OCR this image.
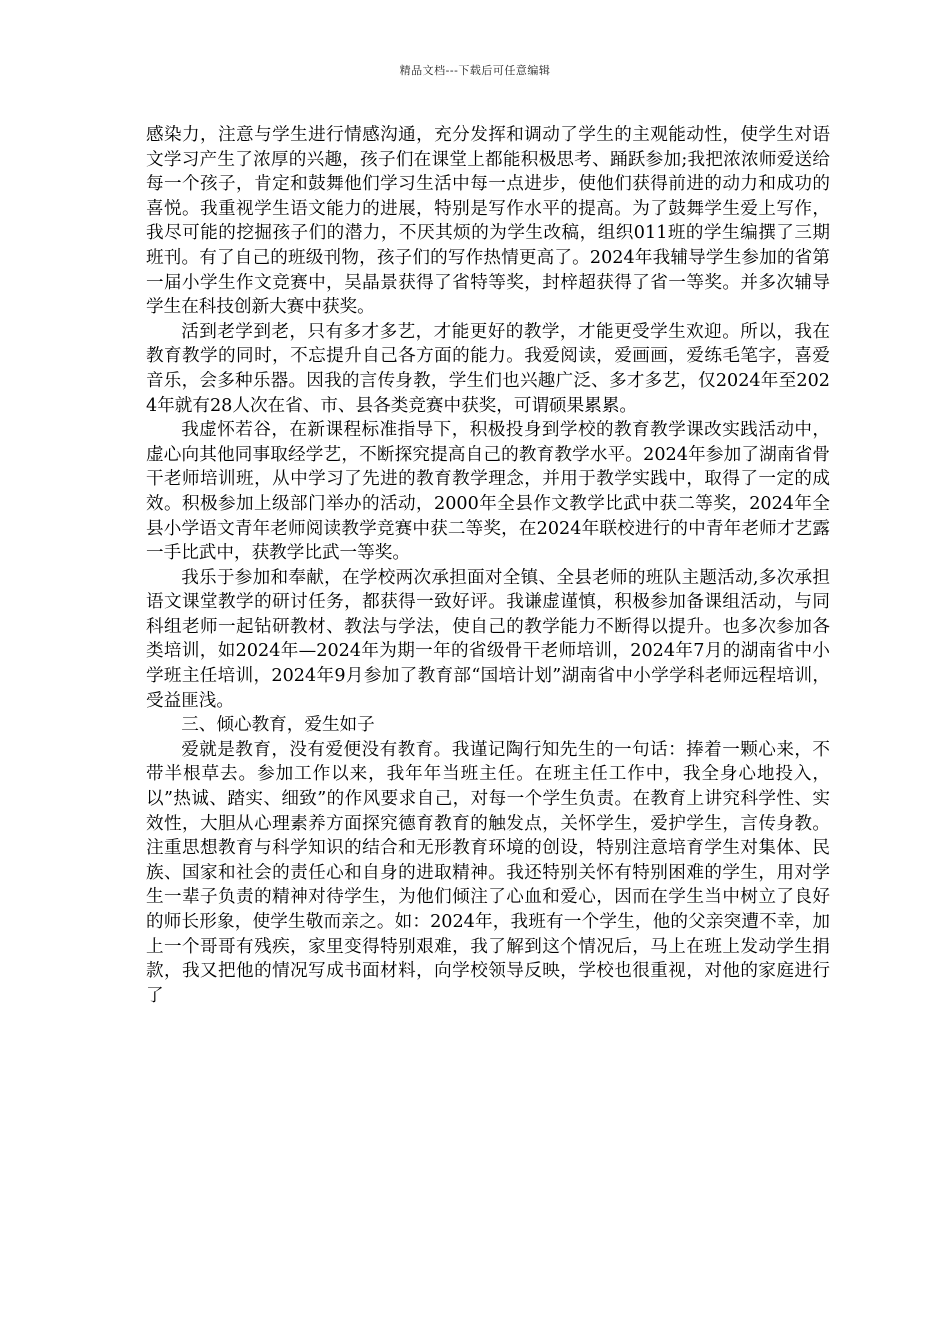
精品文档---下载后可任意编辑

感染力，注意与学生进行情感沟通，充分发挥和调动了学生的主观能动性，使学生对语文学习产生了浓厚的兴趣，孩子们在课堂上都能积极思考、踊跃参加;我把浓浓师爱送给每一个孩子，肯定和鼓舞他们学习生活中每一点进步，使他们获得前进的动力和成功的喜悦。我重视学生语文能力的进展，特别是写作水平的提高。为了鼓舞学生爱上写作，我尽可能的挖掘孩子们的潜力，不厌其烦的为学生改稿，组织011班的学生编撰了三期班刊。有了自己的班级刊物，孩子们的写作热情更高了。2024年我辅导学生参加的省第一届小学生作文竞赛中，吴晶景获得了省特等奖，封梓超获得了省一等奖。并多次辅导学生在科技创新大赛中获奖。

活到老学到老，只有多才多艺，才能更好的教学，才能更受学生欢迎。所以，我在教育教学的同时，不忘提升自己各方面的能力。我爱阅读，爱画画，爱练毛笔字，喜爱音乐，会多种乐器。因我的言传身教，学生们也兴趣广泛、多才多艺，仅2024年至2024年就有28人次在省、市、县各类竞赛中获奖，可谓硕果累累。

我虚怀若谷，在新课程标准指导下，积极投身到学校的教育教学课改实践活动中，虚心向其他同事取经学艺，不断探究提高自己的教育教学水平。2024年参加了湖南省骨干老师培训班，从中学习了先进的教育教学理念，并用于教学实践中，取得了一定的成效。积极参加上级部门举办的活动，2000年全县作文教学比武中获二等奖，2024年全县小学语文青年老师阅读教学竞赛中获二等奖，在2024年联校进行的中青年老师才艺露一手比武中，获教学比武一等奖。

我乐于参加和奉献，在学校两次承担面对全镇、全县老师的班队主题活动,多次承担语文课堂教学的研讨任务，都获得一致好评。我谦虚谨慎，积极参加备课组活动，与同科组老师一起钻研教材、教法与学法，使自己的教学能力不断得以提升。也多次参加各类培训，如2024年—2024年为期一年的省级骨干老师培训，2024年7月的湖南省中小学班主任培训，2024年9月参加了教育部“国培计划”湖南省中小学学科老师远程培训，受益匪浅。

三、倾心教育，爱生如子

爱就是教育，没有爱便没有教育。我谨记陶行知先生的一句话：捧着一颗心来，不带半根草去。参加工作以来，我年年当班主任。在班主任工作中，我全身心地投入，以”热诚、踏实、细致”的作风要求自己，对每一个学生负责。在教育上讲究科学性、实效性，大胆从心理素养方面探究德育教育的触发点，关怀学生，爱护学生，言传身教。注重思想教育与科学知识的结合和无形教育环境的创设，特别注意培育学生对集体、民族、国家和社会的责任心和自身的进取精神。我还特别关怀有特别困难的学生，用对学生一辈子负责的精神对待学生，为他们倾注了心血和爱心，因而在学生当中树立了良好的师长形象，使学生敬而亲之。如：2024年，我班有一个学生，他的父亲突遭不幸，加上一个哥哥有残疾，家里变得特别艰难，我了解到这个情况后，马上在班上发动学生捐款，我又把他的情况写成书面材料，向学校领导反映，学校也很重视，对他的家庭进行了
